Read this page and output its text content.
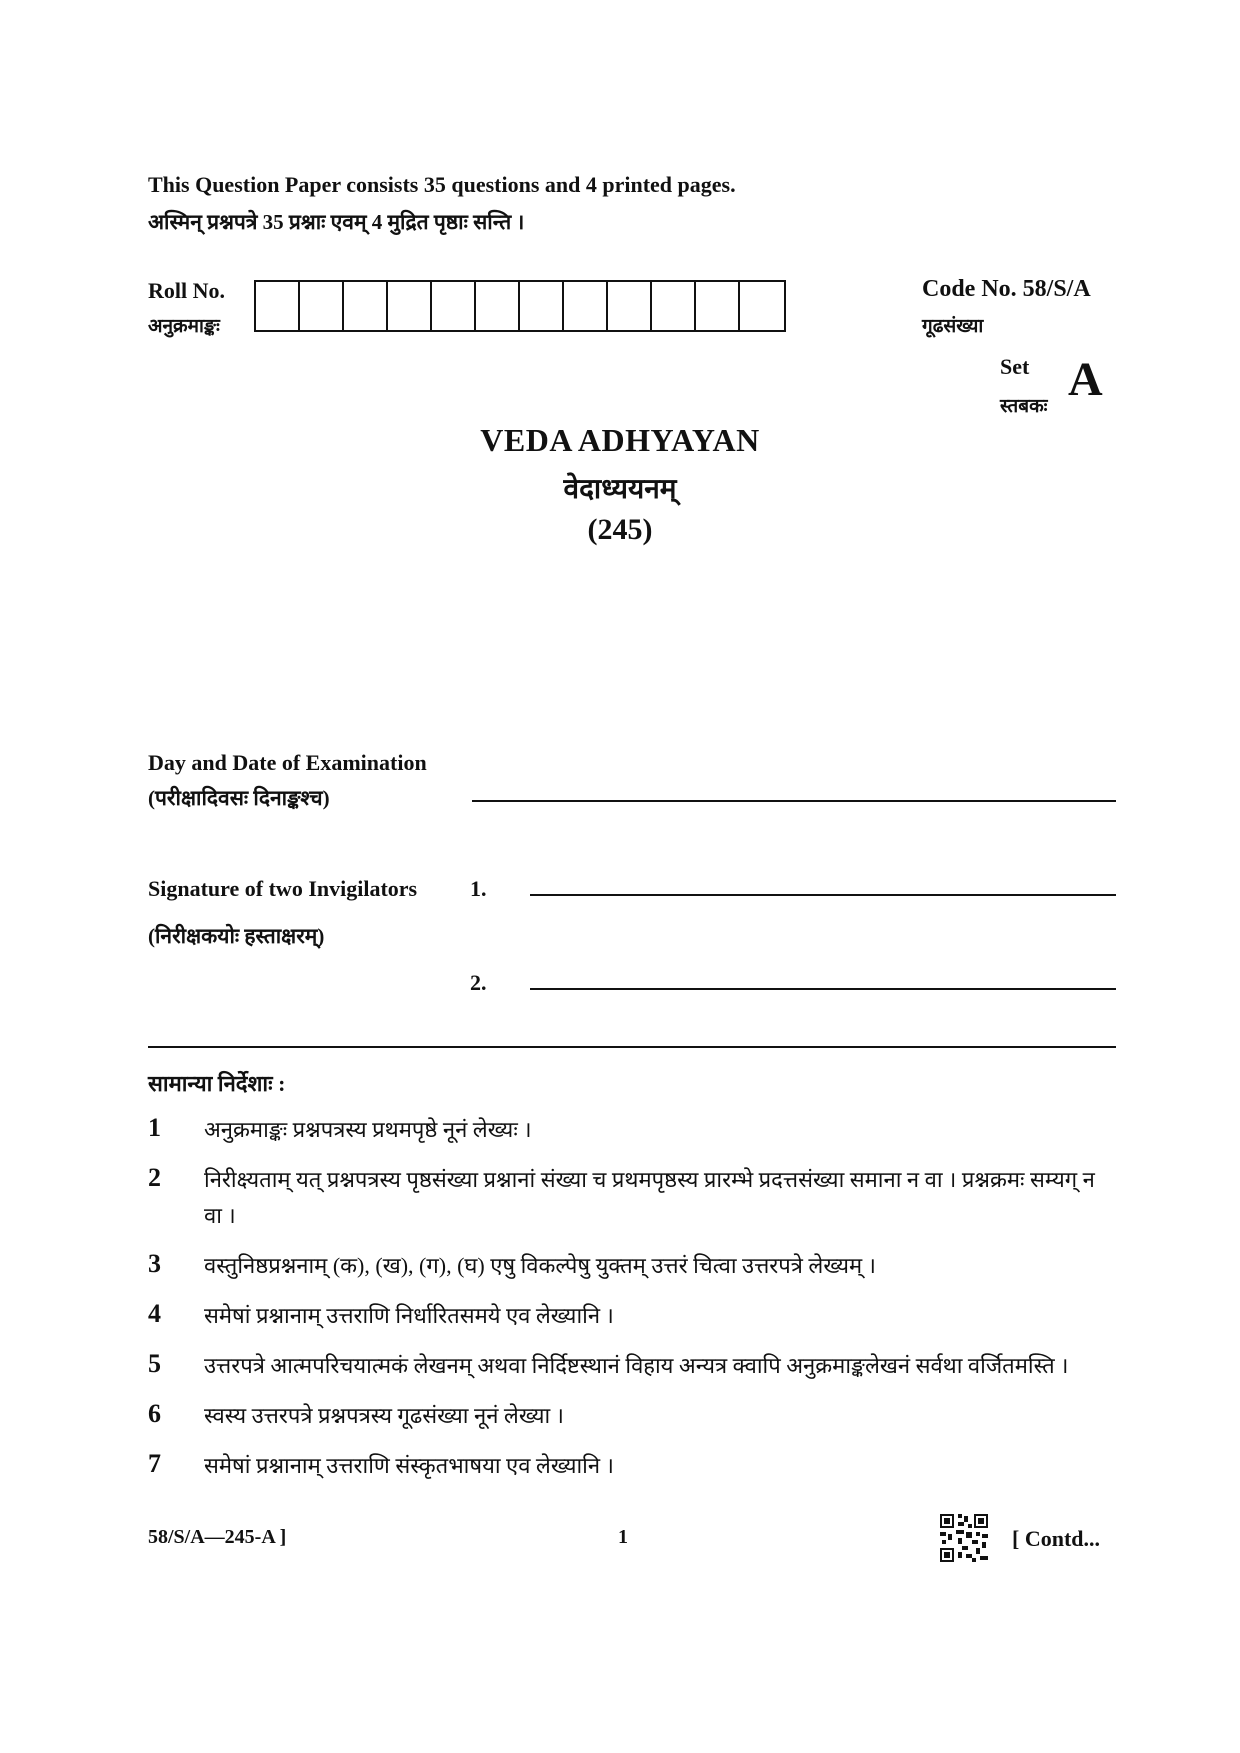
This Question Paper consists 35 questions and 4 printed pages.
अस्मिन् प्रश्नपत्रे 35 प्रश्नाः एवम् 4 मुद्रित पृष्ठाः सन्ति ।
Roll No.
अनुक्रमाङ्कः
Code No. 58/S/A
गूढसंख्या
Set
स्तबकः
A
VEDA ADHYAYAN
वेदाध्ययनम्
(245)
Day and Date of Examination
(परीक्षादिवसः दिनाङ्कश्च)
Signature of two Invigilators 1.
(निरीक्षकयोः हस्ताक्षरम्)
2.
सामान्या निर्देशाः :
1	अनुक्रमाङ्कः प्रश्नपत्रस्य प्रथमपृष्ठे नूनं लेख्यः ।
2	निरीक्ष्यताम् यत् प्रश्नपत्रस्य पृष्ठसंख्या प्रश्नानां संख्या च प्रथमपृष्ठस्य प्रारम्भे प्रदत्तसंख्या समाना न वा । प्रश्नक्रमः सम्यग् न वा ।
3	वस्तुनिष्ठप्रश्ननाम् (क), (ख), (ग), (घ) एषु विकल्पेषु युक्तम् उत्तरं चित्वा उत्तरपत्रे लेख्यम् ।
4	समेषां प्रश्नानाम् उत्तराणि निर्धारितसमये एव लेख्यानि ।
5	उत्तरपत्रे आत्मपरिचयात्मकं लेखनम् अथवा निर्दिष्टस्थानं विहाय अन्यत्र क्वापि अनुक्रमाङ्कलेखनं सर्वथा वर्जितमस्ति ।
6	स्वस्य उत्तरपत्रे प्रश्नपत्रस्य गूढसंख्या नूनं लेख्या ।
7	समेषां प्रश्नानाम् उत्तराणि संस्कृतभाषया एव लेख्यानि ।
58/S/A—245-A ]	1	[ Contd...
